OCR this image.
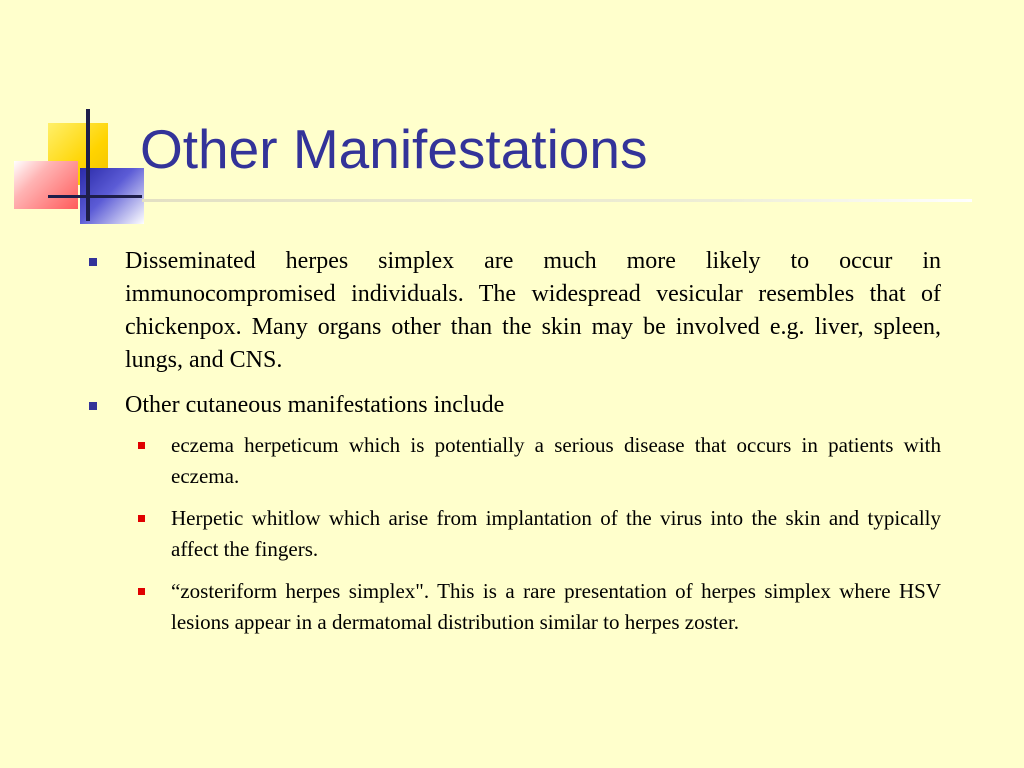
Other Manifestations
Disseminated herpes simplex are much more likely to occur in immunocompromised individuals. The widespread vesicular resembles that of chickenpox. Many organs other than the skin may be involved e.g. liver, spleen, lungs, and CNS.
Other cutaneous manifestations include
eczema herpeticum which is potentially a serious disease that occurs in patients with eczema.
Herpetic whitlow which arise from implantation of the virus into the skin and typically affect the fingers.
“zosteriform herpes simplex". This is a rare presentation of herpes simplex where HSV lesions appear in a dermatomal distribution similar to herpes zoster.
